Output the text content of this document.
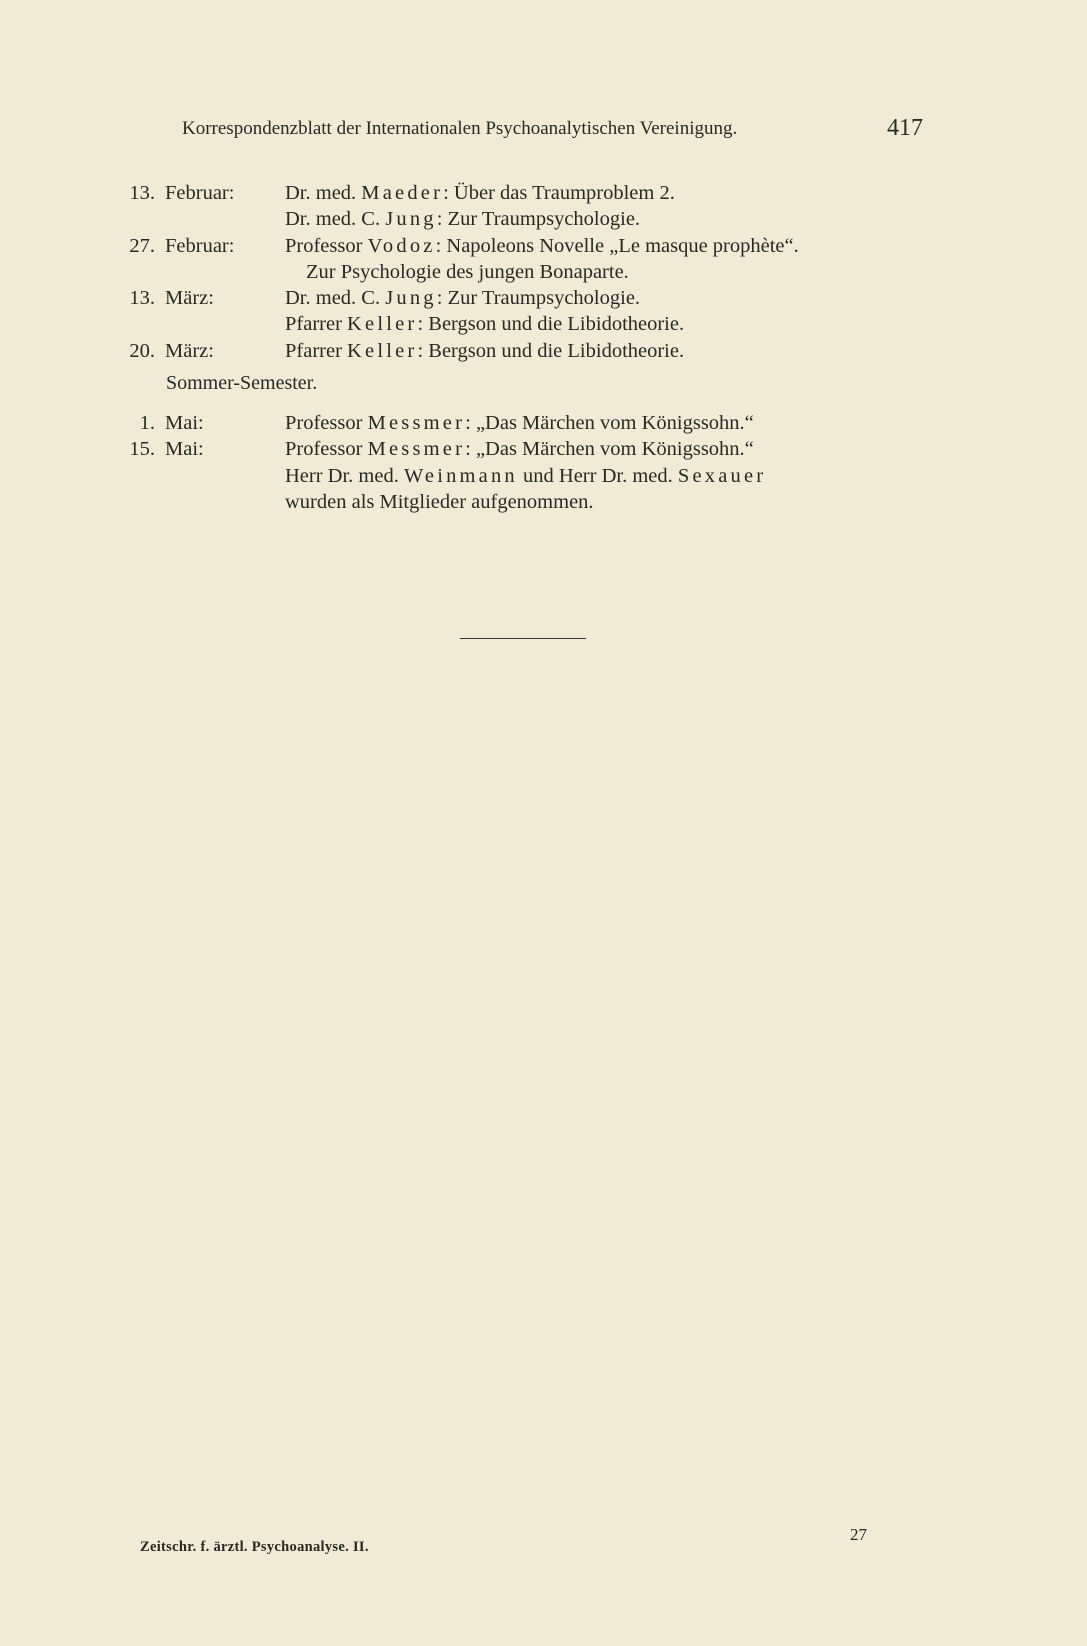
Korrespondenzblatt der Internationalen Psychoanalytischen Vereinigung.	417
13. Februar: Dr. med. Maeder: Über das Traumproblem 2.
Dr. med. C. Jung: Zur Traumpsychologie.
27. Februar: Professor Vodoz: Napoleons Novelle „Le masque prophète“.
Zur Psychologie des jungen Bonaparte.
13. März:	Dr. med. C. Jung: Zur Traumpsychologie.
Pfarrer Keller: Bergson und die Libidotheorie.
20. März:	Pfarrer Keller: Bergson und die Libidotheorie.
Sommer-Semester.
1. Mai:	Professor Messmer: „Das Märchen vom Königssohn.“
15. Mai:	Professor Messmer: „Das Märchen vom Königssohn.“
Herr Dr. med. Weinmann und Herr Dr. med. Sexauer
wurden als Mitglieder aufgenommen.
Zeitschr. f. ärztl. Psychoanalyse. II.
27
